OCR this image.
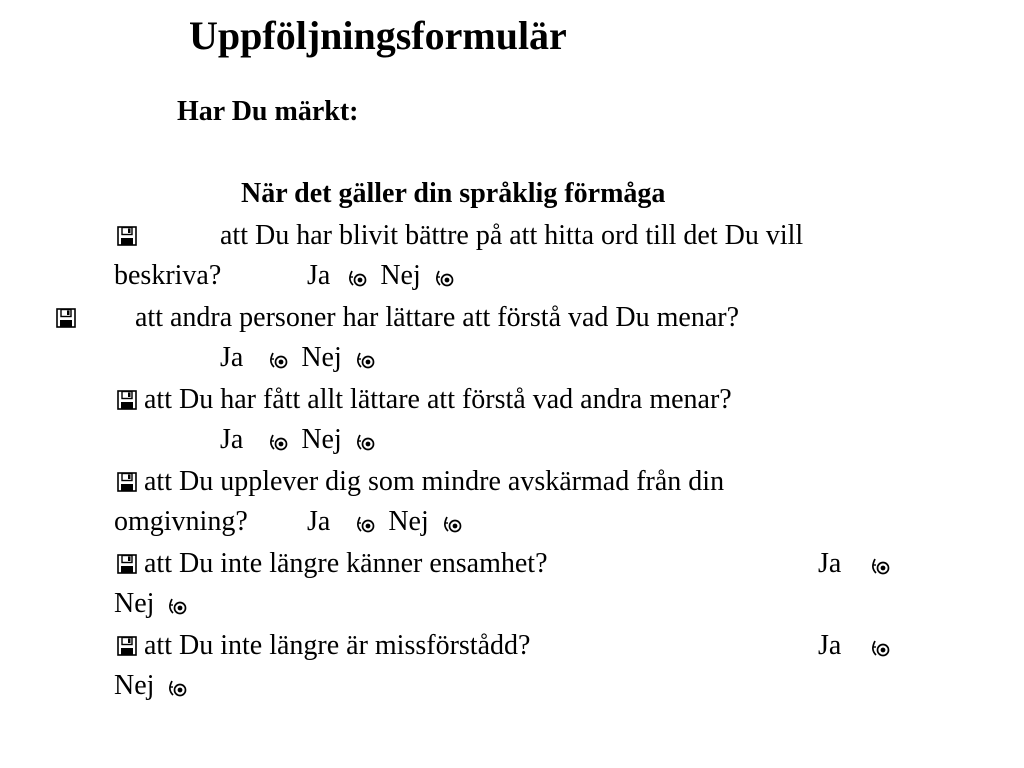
Uppföljningsformulär
Har Du märkt:
När det gäller din språklig förmåga
att Du har blivit bättre på att hitta ord till det Du vill
beskriva?	Ja Nej
att andra personer har lättare att förstå vad Du menar?
Ja Nej
att Du har fått allt lättare att förstå vad andra menar?
Ja Nej
att Du upplever dig som mindre avskärmad från din
omgivning? Ja Nej
att Du inte längre känner ensamhet?	Ja
Nej
att Du inte längre är missförstådd?	Ja
Nej
